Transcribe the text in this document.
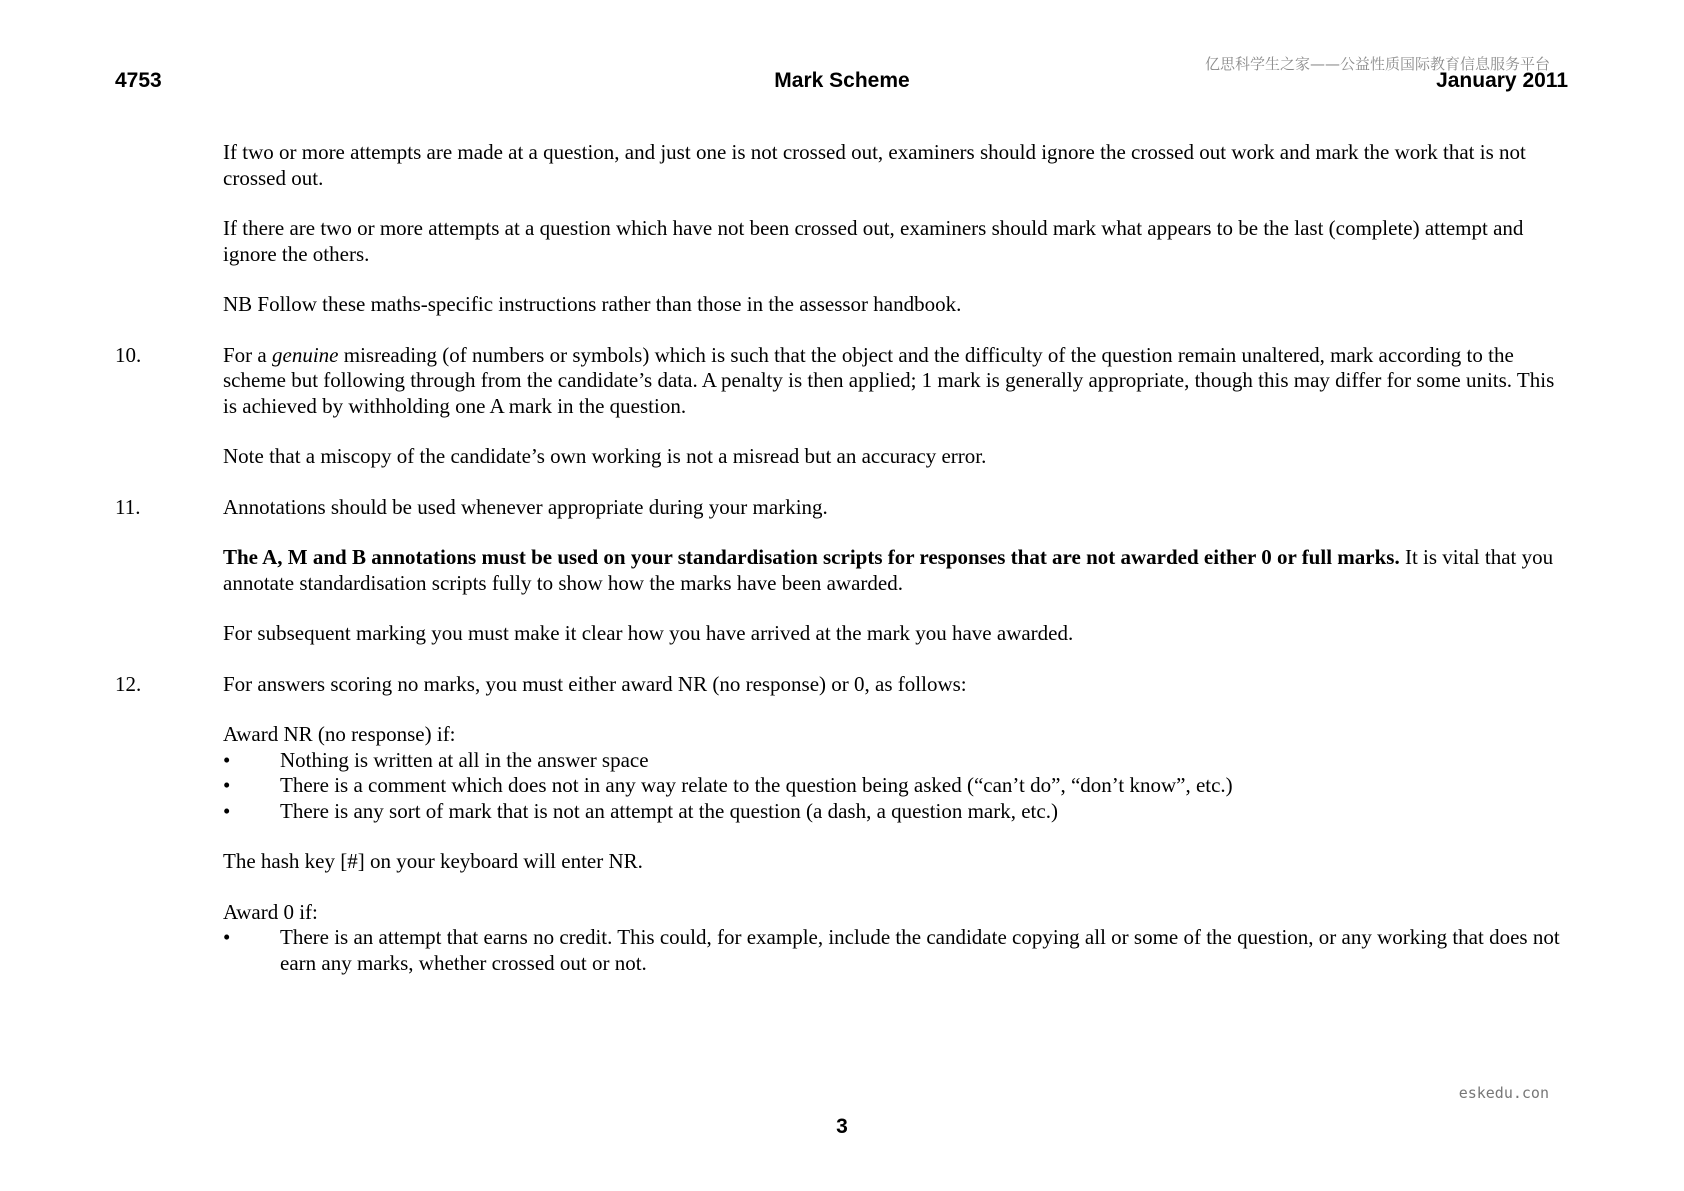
4753	Mark Scheme	January 2011
亿思科学生之家——公益性质国际教育信息服务平台

If two or more attempts are made at a question, and just one is not crossed out, examiners should ignore the crossed out work and mark the work that is not crossed out.

If there are two or more attempts at a question which have not been crossed out, examiners should mark what appears to be the last (complete) attempt and ignore the others.

NB Follow these maths-specific instructions rather than those in the assessor handbook.

10.	For a genuine misreading (of numbers or symbols) which is such that the object and the difficulty of the question remain unaltered, mark according to the scheme but following through from the candidate’s data. A penalty is then applied; 1 mark is generally appropriate, though this may differ for some units. This is achieved by withholding one A mark in the question.

Note that a miscopy of the candidate’s own working is not a misread but an accuracy error.

11.	Annotations should be used whenever appropriate during your marking.

The A, M and B annotations must be used on your standardisation scripts for responses that are not awarded either 0 or full marks. It is vital that you annotate standardisation scripts fully to show how the marks have been awarded.

For subsequent marking you must make it clear how you have arrived at the mark you have awarded.

12.	For answers scoring no marks, you must either award NR (no response) or 0, as follows:

Award NR (no response) if:

• Nothing is written at all in the answer space
• There is a comment which does not in any way relate to the question being asked (“can’t do”, “don’t know”, etc.)
• There is any sort of mark that is not an attempt at the question (a dash, a question mark, etc.)

The hash key [#] on your keyboard will enter NR.

Award 0 if:

• There is an attempt that earns no credit. This could, for example, include the candidate copying all or some of the question, or any working that does not earn any marks, whether crossed out or not.
eskedu.con
3
